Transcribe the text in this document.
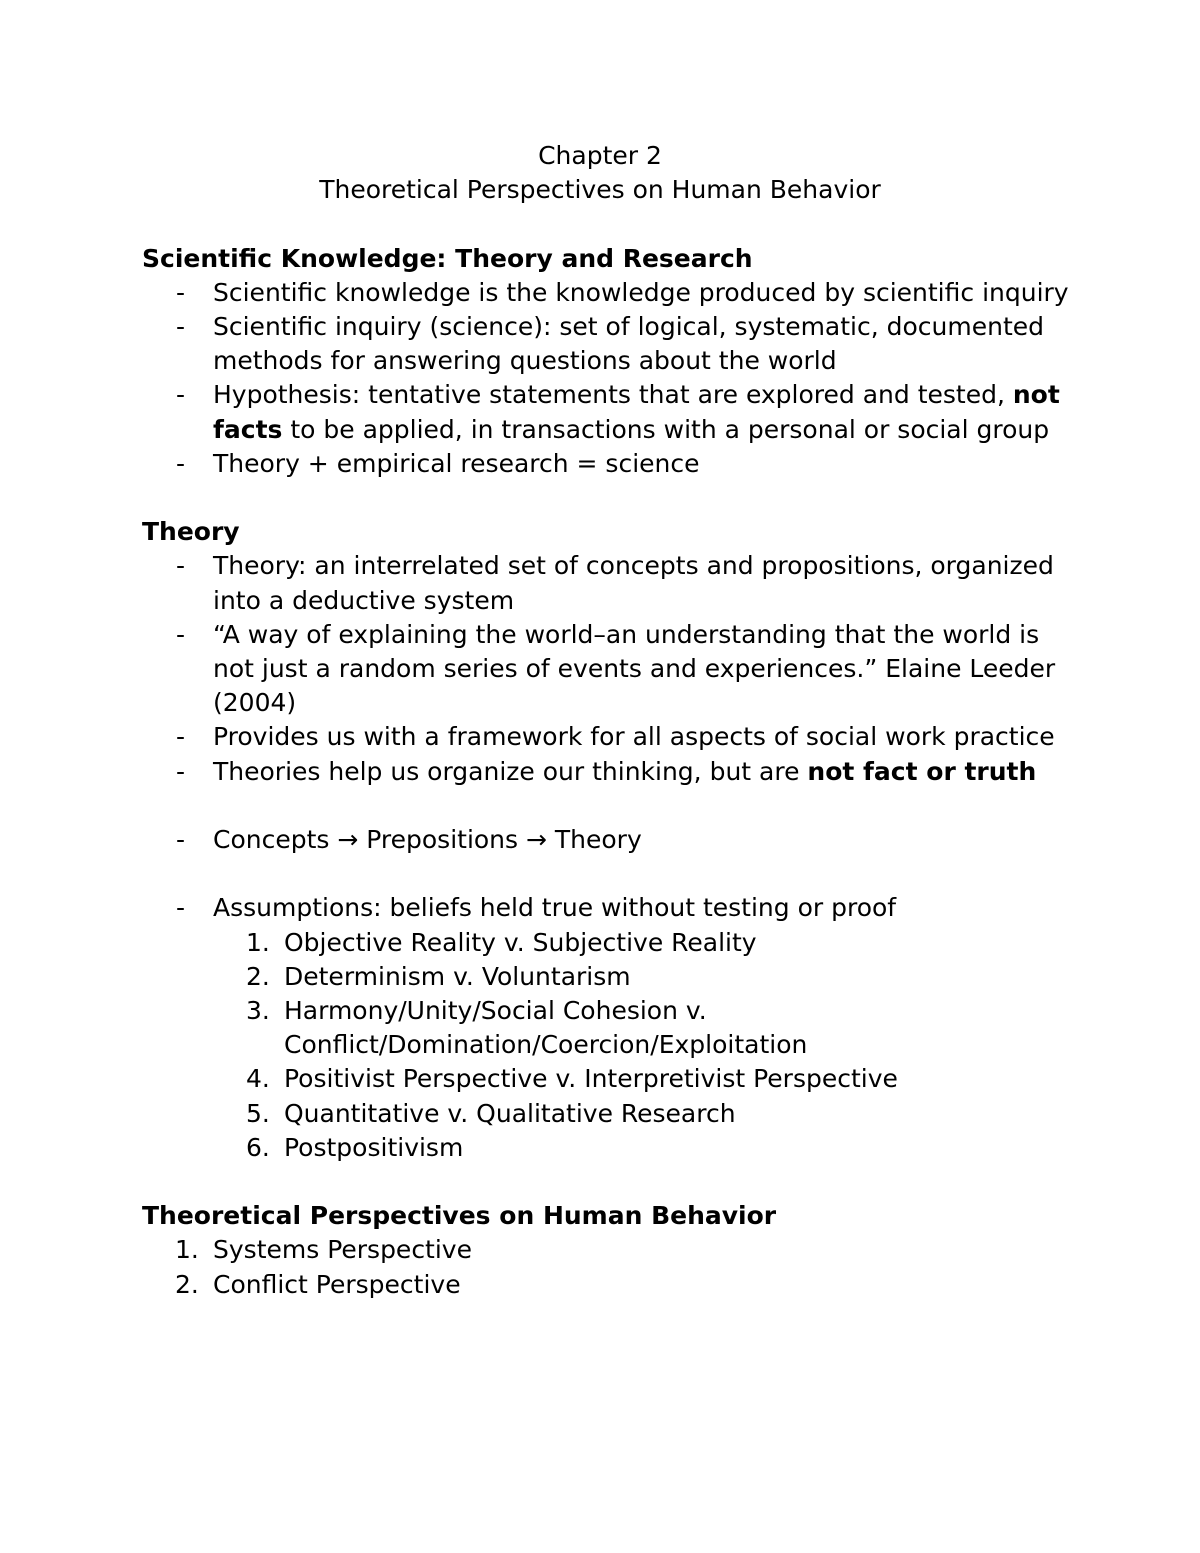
Chapter 2
Theoretical Perspectives on Human Behavior
Scientific Knowledge: Theory and Research
- Scientific knowledge is the knowledge produced by scientific inquiry
- Scientific inquiry (science): set of logical, systematic, documented methods for answering questions about the world
- Hypothesis: tentative statements that are explored and tested, not facts to be applied, in transactions with a personal or social group
- Theory + empirical research = science
Theory
- Theory: an interrelated set of concepts and propositions, organized into a deductive system
- “A way of explaining the world–an understanding that the world is not just a random series of events and experiences.” Elaine Leeder (2004)
- Provides us with a framework for all aspects of social work practice
- Theories help us organize our thinking, but are not fact or truth
- Concepts → Prepositions → Theory
- Assumptions: beliefs held true without testing or proof
1. Objective Reality v. Subjective Reality
2. Determinism v. Voluntarism
3. Harmony/Unity/Social Cohesion v. Conflict/Domination/Coercion/Exploitation
4. Positivist Perspective v. Interpretivist Perspective
5. Quantitative v. Qualitative Research
6. Postpositivism
Theoretical Perspectives on Human Behavior
1. Systems Perspective
2. Conflict Perspective
